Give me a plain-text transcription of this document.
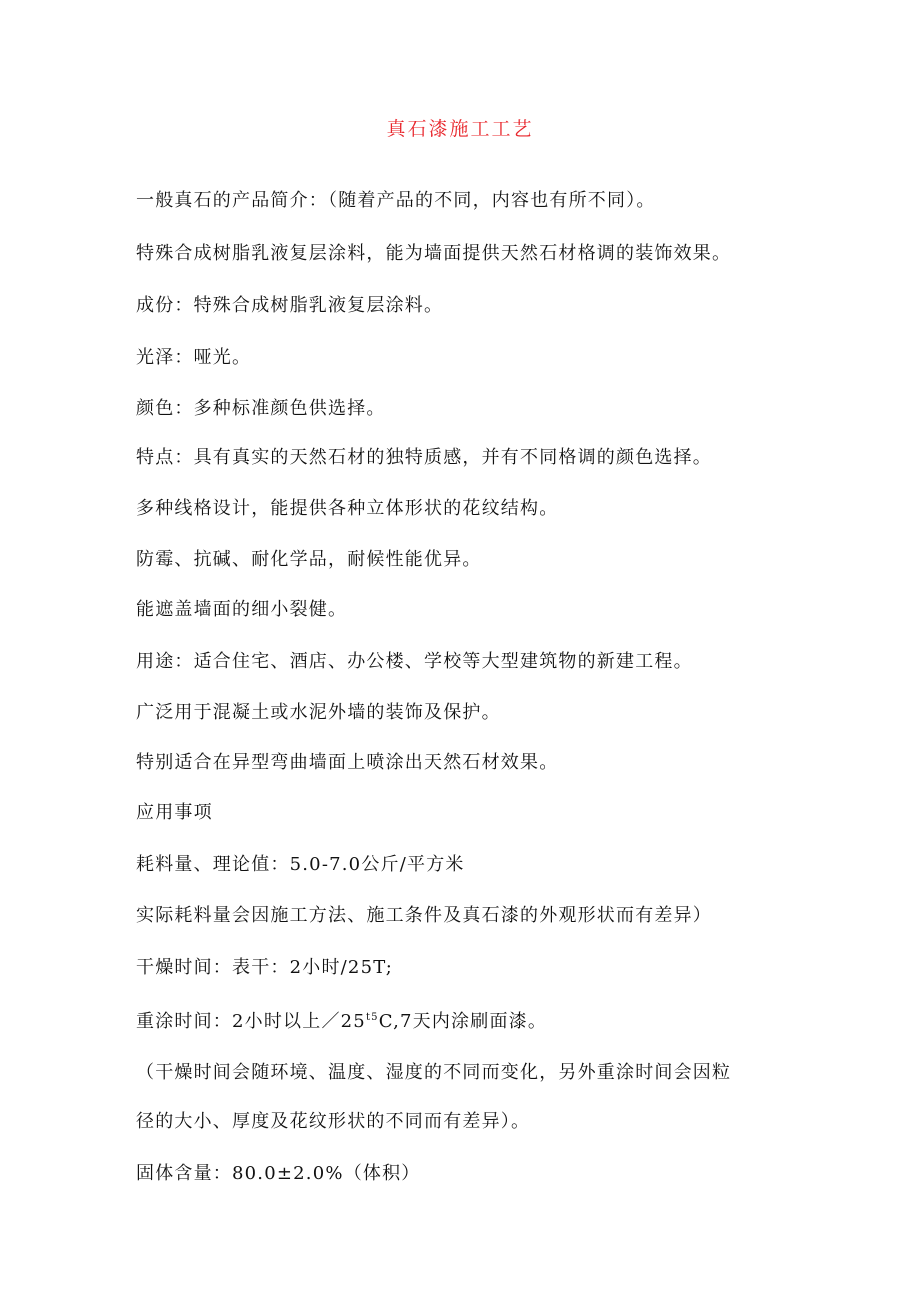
真石漆施工工艺
一般真石的产品简介：（随着产品的不同，内容也有所不同）。
特殊合成树脂乳液复层涂料，能为墙面提供天然石材格调的装饰效果。
成份：特殊合成树脂乳液复层涂料。
光泽：哑光。
颜色：多种标准颜色供选择。
特点：具有真实的天然石材的独特质感，并有不同格调的颜色选择。
多种线格设计，能提供各种立体形状的花纹结构。
防霉、抗碱、耐化学品，耐候性能优异。
能遮盖墙面的细小裂健。
用途：适合住宅、酒店、办公楼、学校等大型建筑物的新建工程。
广泛用于混凝土或水泥外墙的装饰及保护。
特别适合在异型弯曲墙面上喷涂出天然石材效果。
应用事项
耗料量、理论值：5.0-7.0公斤/平方米
实际耗料量会因施工方法、施工条件及真石漆的外观形状而有差异）
干燥时间：表干：2小时/25T;
重涂时间：2小时以上$/25^{t5}C,7$天内涂刷面漆。
（干燥时间会随环境、温度、湿度的不同而变化，另外重涂时间会因粒
径的大小、厚度及花纹形状的不同而有差异）。
固体含量：80.0±2.0%（体积）
